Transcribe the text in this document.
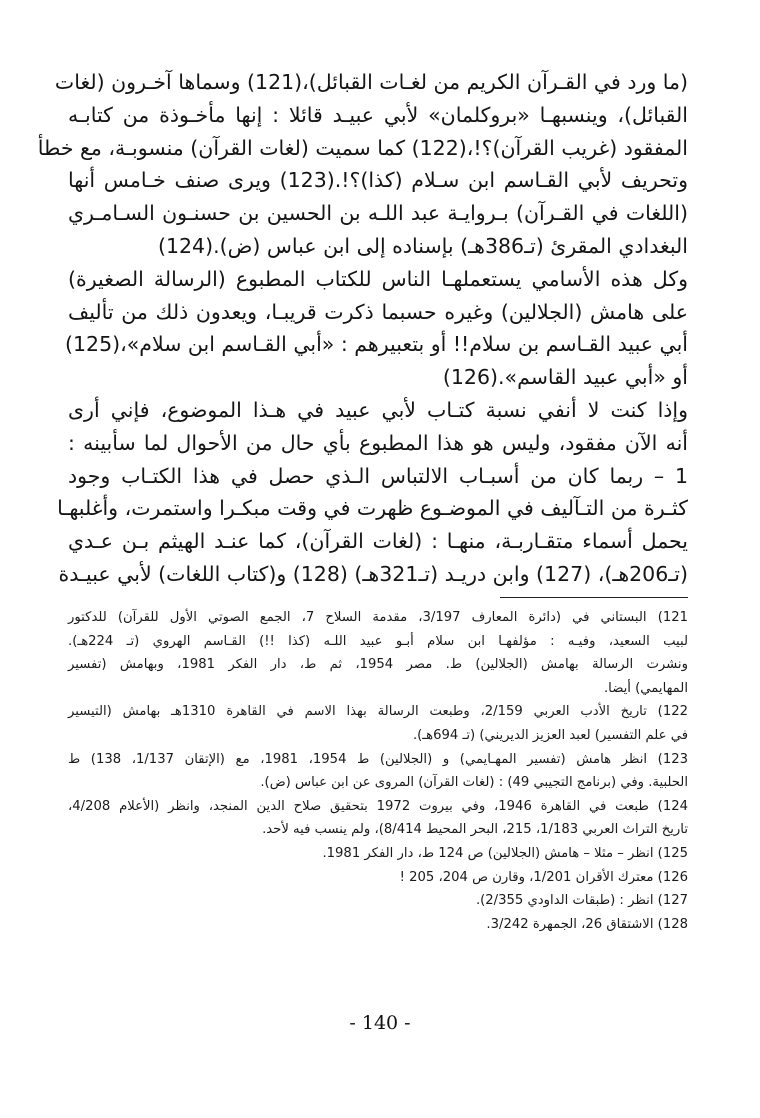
(ما ورد في القـرآن الكريم من لغـات القبائل)،(121) وسماها آخـرون (لغات
القبائل)، وينسبهـا «بروكلمان» لأبي عبيـد قائلا : إنها مأخـوذة من كتابـه
المفقود (غريب القرآن)؟!،(122) كما سميت (لغات القرآن) منسوبـة، مع خطأ
وتحريف لأبي القـاسم ابن سـلام (كذا)؟!.(123) ويرى صنف خـامس أنها
(اللغات في القـرآن) بـروايـة عبد اللـه بن الحسين بن حسنـون السـامـري
البغدادي المقرئ (تـ386هـ) بإسناده إلى ابن عباس (ض).(124)
وكل هذه الأسامي يستعملهـا الناس للكتاب المطبوع (الرسالة الصغيرة)
على هامش (الجلالين) وغيره حسبما ذكرت قريبـا، ويعدون ذلك من تأليف
أبي عبيد القـاسم بن سلام!! أو بتعبيرهم : «أبي القـاسم ابن سلام»،(125)
أو «أبي عبيد القاسم».(126)
وإذا كنت لا أنفي نسبة كتـاب لأبي عبيد في هـذا الموضوع، فإني أرى
أنه الآن مفقود، وليس هو هذا المطبوع بأي حال من الأحوال لما سأبينه :
1 – ربما كان من أسبـاب الالتباس الـذي حصل في هذا الكتـاب وجود
كثـرة من التـآليف في الموضـوع ظهرت في وقت مبكـرا واستمرت، وأغلبهـا
يحمل أسماء متقـاربـة، منهـا : (لغات القرآن)، كما عنـد الهيثم بـن عـدي
(تـ206هـ)، (127) وابن دريـد (تـ321هـ) (128) و(كتاب اللغات) لأبي عبيـدة
121) البستاني في (دائرة المعارف 3/197، مقدمة السلاح 7، الجمع الصوتي الأول للقرآن) للدكتور
لبيب السعيد، وفيـه : مؤلفهـا ابن سلام أبـو عبيد اللـه (كذا !!) القـاسم الهروي (تـ 224هـ).
ونشرت الرسالة بهامش (الجلالين) ط. مصر 1954، ثم ط، دار الفكر 1981، وبهامش (تفسير
المهايمي) أيضا.
122) تاريخ الأدب العربي 2/159، وطبعت الرسالة بهذا الاسم في القاهرة 1310هـ بهامش (التيسير
في علم التفسير) لعبد العزيز الديريني) (تـ 694هـ).
123) انظر هامش (تفسير المهـايمي) و (الجلالين) ط 1954، 1981، مع (الإتقان 1/137، 138) ط
الحلبية. وفي (برنامج التجيبي 49) : (لغات القرآن) المروى عن ابن عباس (ض).
124) طبعت في القاهرة 1946، وفي بيروت 1972 بتحقيق صلاح الدين المنجد، وانظر (الأعلام 4/208،
تاريخ التراث العربي 1/183، 215، البحر المحيط 8/414)، ولم ينسب فيه لأحد.
125) انظر – مثلا – هامش (الجلالين) ص 124 ط، دار الفكر 1981.
126) معترك الأقران 1/201، وقارن ص 204، 205 !
127) انظر : (طبقات الداودي 2/355).
128) الاشتقاق 26، الجمهرة 3/242.
- 140 -
